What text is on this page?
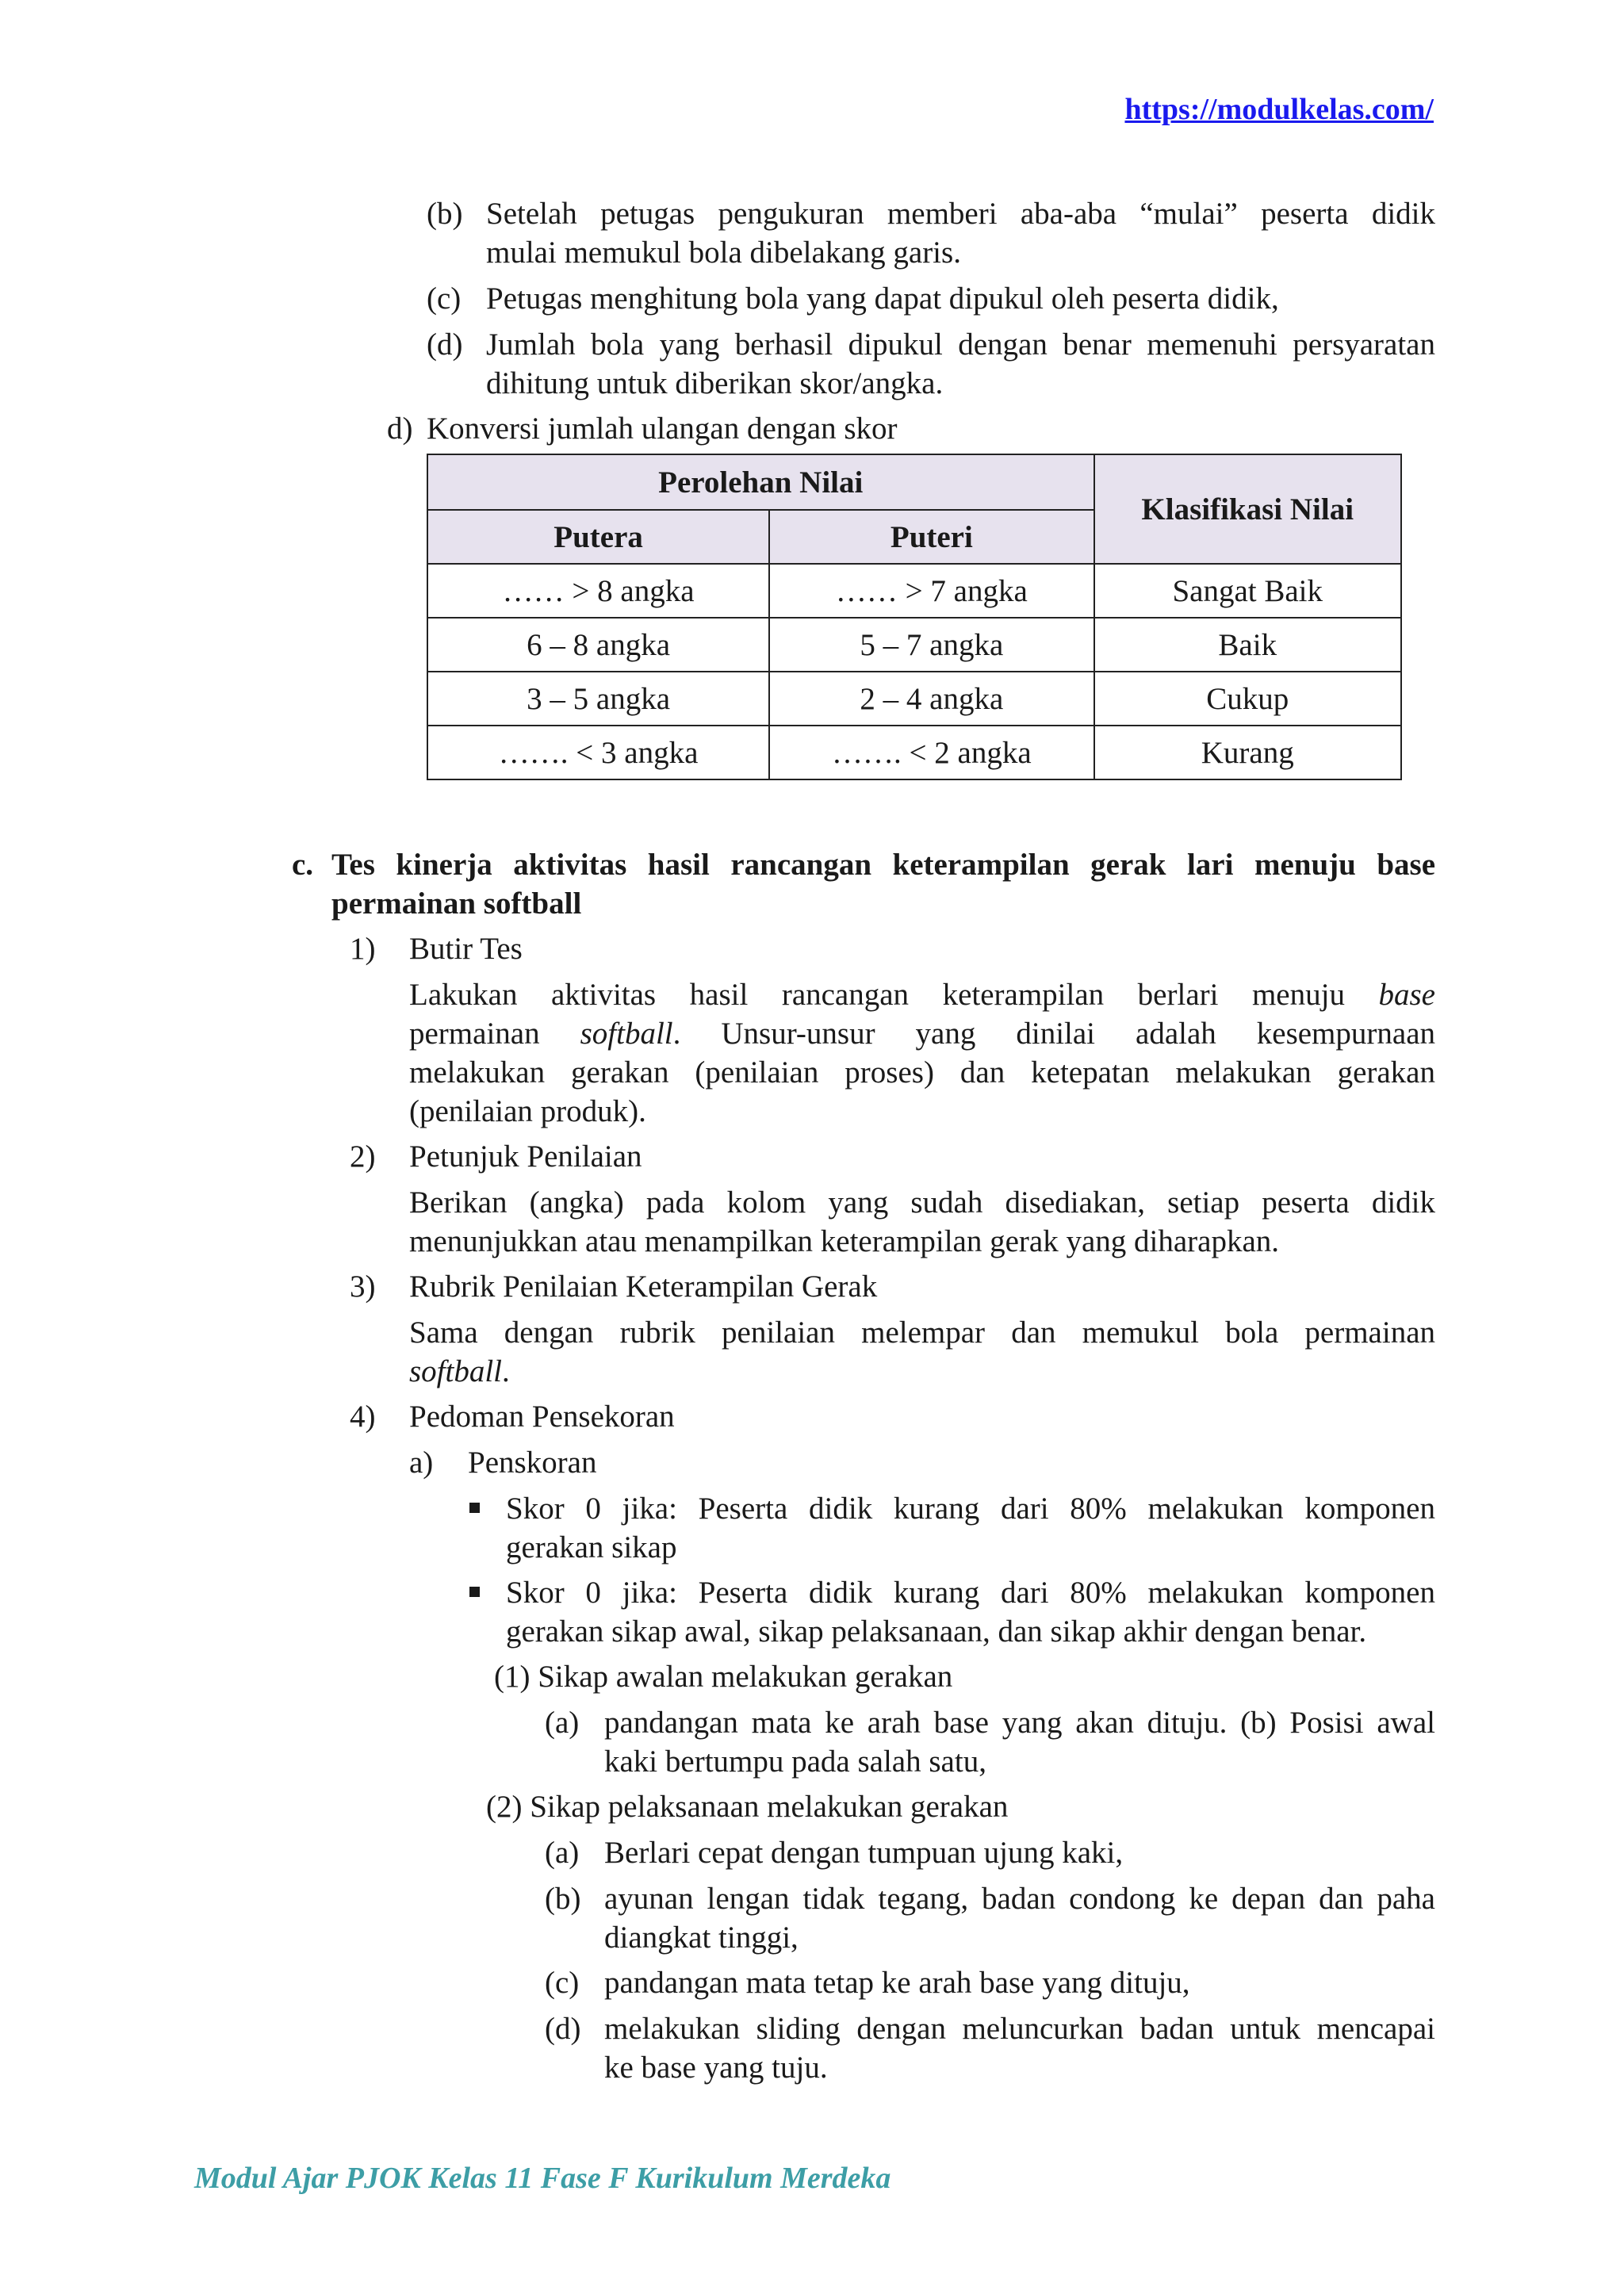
https://modulkelas.com/
(b) Setelah petugas pengukuran memberi aba-aba “mulai” peserta didik
mulai memukul bola dibelakang garis.
(c) Petugas menghitung bola yang dapat dipukul oleh peserta didik,
(d) Jumlah bola yang berhasil dipukul dengan benar memenuhi persyaratan
dihitung untuk diberikan skor/angka.
d) Konversi jumlah ulangan dengan skor
Perolehan Nilai		Klasifikasi Nilai
Putera	Puteri	
…… > 8 angka	…… > 7 angka	Sangat Baik
6 – 8 angka	5 – 7 angka	Baik
3 – 5 angka	2 – 4 angka	Cukup
……. < 3 angka	……. < 2 angka	Kurang
c. Tes kinerja aktivitas hasil rancangan keterampilan gerak lari menuju base
permainan softball
1) Butir Tes
Lakukan aktivitas hasil rancangan keterampilan berlari menuju base
permainan softball. Unsur-unsur yang dinilai adalah kesempurnaan
melakukan gerakan (penilaian proses) dan ketepatan melakukan gerakan
(penilaian produk).
2) Petunjuk Penilaian
Berikan (angka) pada kolom yang sudah disediakan, setiap peserta didik
menunjukkan atau menampilkan keterampilan gerak yang diharapkan.
3) Rubrik Penilaian Keterampilan Gerak
Sama dengan rubrik penilaian melempar dan memukul bola permainan
softball.
4) Pedoman Pensekoran
a) Penskoran
Skor 0 jika: Peserta didik kurang dari 80% melakukan komponen
gerakan sikap
Skor 0 jika: Peserta didik kurang dari 80% melakukan komponen
gerakan sikap awal, sikap pelaksanaan, dan sikap akhir dengan benar.
(1) Sikap awalan melakukan gerakan
(a) pandangan mata ke arah base yang akan dituju. (b) Posisi awal
kaki bertumpu pada salah satu,
(2) Sikap pelaksanaan melakukan gerakan
(a) Berlari cepat dengan tumpuan ujung kaki,
(b) ayunan lengan tidak tegang, badan condong ke depan dan paha
diangkat tinggi,
(c) pandangan mata tetap ke arah base yang dituju,
(d) melakukan sliding dengan meluncurkan badan untuk mencapai
ke base yang tuju.
Modul Ajar PJOK Kelas 11 Fase F Kurikulum Merdeka
